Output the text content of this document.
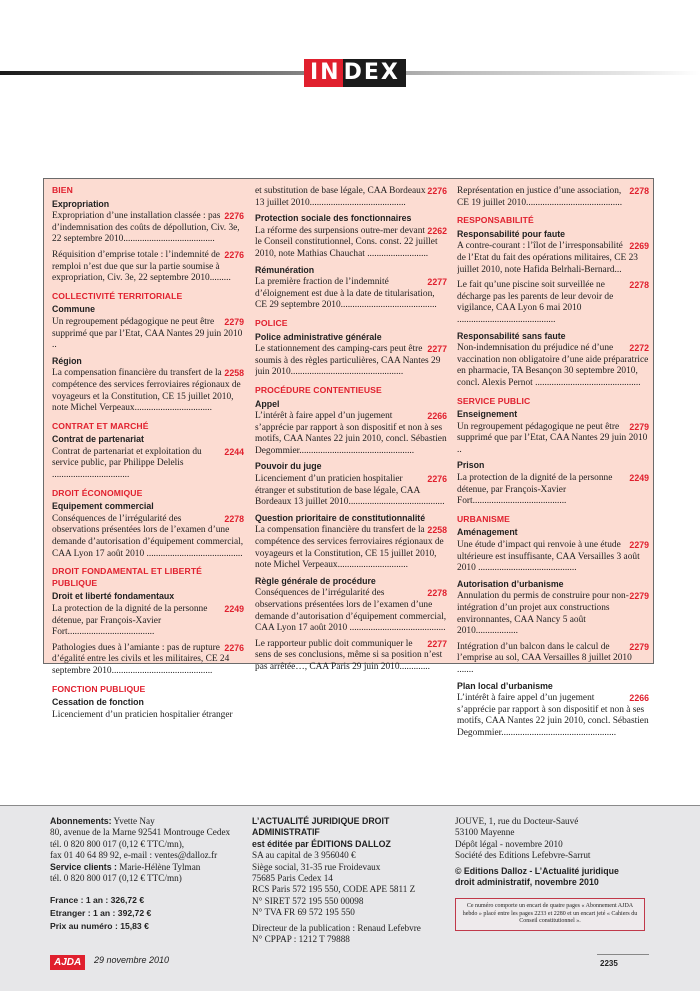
IN DEX
BIEN
Expropriation
2276
Expropriation d’une installation classée : pas d’indemnisation des coûts de dépollution, Civ. 3e, 22 septembre 2010.......................................
2276
Réquisition d’emprise totale : l’indemnité de remploi n’est due que sur la partie soumise à expropriation, Civ. 3e, 22 septembre 2010.........
COLLECTIVITÉ TERRITORIALE
Commune
2279
Un regroupement pédagogique ne peut être supprimé que par l’Etat, CAA Nantes 29 juin 2010 ..
Région
2258
La compensation financière du transfert de la compétence des services ferroviaires régionaux de voyageurs et la Constitution, CE 15 juillet 2010, note Michel Verpeaux.................................
CONTRAT ET MARCHÉ
Contrat de partenariat
2244
Contrat de partenariat et exploitation du service public, par Philippe Delelis .................................
DROIT ÉCONOMIQUE
Equipement commercial
2278
Conséquences de l’irrégularité des observations présentées lors de l’examen d’une demande d’autorisation d’équipement commercial, CAA Lyon 17 août 2010 .........................................
DROIT FONDAMENTAL ET LIBERTÉ PUBLIQUE
Droit et liberté fondamentaux
2249
La protection de la dignité de la personne détenue, par François-Xavier Fort.....................................
2276
Pathologies dues à l’amiante : pas de rupture d’égalité entre les civils et les militaires, CE 24 septembre 2010...........................................
FONCTION PUBLIQUE
Cessation de fonction
Licenciement d’un praticien hospitalier étranger
2276
et substitution de base légale, CAA Bordeaux 13 juillet 2010.........................................
Protection sociale des fonctionnaires
2262
La réforme des surpensions outre-mer devant le Conseil constitutionnel, Cons. const. 22 juillet 2010, note Mathias Chauchat ..........................
Rémunération
2277
La première fraction de l’indemnité d’éloignement est due à la date de titularisation, CE 29 septembre 2010.........................................
POLICE
Police administrative générale
2277
Le stationnement des camping-cars peut être soumis à des règles particulières, CAA Nantes 29 juin 2010................................................
PROCÉDURE CONTENTIEUSE
Appel
2266
L’intérêt à faire appel d’un jugement s’apprécie par rapport à son dispositif et non à ses motifs, CAA Nantes 22 juin 2010, concl. Sébastien Degommier.................................................
Pouvoir du juge
2276
Licenciement d’un praticien hospitalier étranger et substitution de base légale, CAA Bordeaux 13 juillet 2010.........................................
Question prioritaire de constitutionnalité
2258
La compensation financière du transfert de la compétence des services ferroviaires régionaux de voyageurs et la Constitution, CE 15 juillet 2010, note Michel Verpeaux..............................
Règle générale de procédure
2278
Conséquences de l’irrégularité des observations présentées lors de l’examen d’une demande d’autorisation d’équipement commercial, CAA Lyon 17 août 2010 .........................................
2277
Le rapporteur public doit communiquer le sens de ses conclusions, même si sa position n’est pas arrêtée…, CAA Paris 29 juin 2010.............
2278
Représentation en justice d’une association, CE 19 juillet 2010.........................................
RESPONSABILITÉ
Responsabilité pour faute
2269
A contre-courant : l’îlot de l’irresponsabilité de l’Etat du fait des opérations militaires, CE 23 juillet 2010, note Hafida Belrhali-Bernard...
2278
Le fait qu’une piscine soit surveillée ne décharge pas les parents de leur devoir de vigilance, CAA Lyon 6 mai 2010 ..........................................
Responsabilité sans faute
2272
Non-indemnisation du préjudice né d’une vaccination non obligatoire d’une aide préparatrice en pharmacie, TA Besançon 30 septembre 2010, concl. Alexis Pernot .............................................
SERVICE PUBLIC
Enseignement
2279
Un regroupement pédagogique ne peut être supprimé que par l’Etat, CAA Nantes 29 juin 2010 ..
Prison
2249
La protection de la dignité de la personne détenue, par François-Xavier Fort........................................
URBANISME
Aménagement
2279
Une étude d’impact qui renvoie à une étude ultérieure est insuffisante, CAA Versailles 3 août 2010 ..........................................
Autorisation d’urbanisme
2279
Annulation du permis de construire pour non-intégration d’un projet aux constructions environnantes, CAA Nancy 5 août 2010..................
2279
Intégration d’un balcon dans le calcul de l’emprise au sol, CAA Versailles 8 juillet 2010 .......
Plan local d’urbanisme
2266
L’intérêt à faire appel d’un jugement s’apprécie par rapport à son dispositif et non à ses motifs, CAA Nantes 22 juin 2010, concl. Sébastien Degommier.................................................
Abonnements: Yvette Nay
80, avenue de la Marne 92541 Montrouge Cedex
tél. 0 820 800 017 (0,12 € TTC/mn),
fax 01 40 64 89 92, e-mail : ventes@dalloz.fr
Service clients : Marie-Hélène Tylman
tél. 0 820 800 017 (0,12 € TTC/mn)
France : 1 an : 326,72 €
Etranger : 1 an : 392,72 €
Prix au numéro : 15,83 €
L’ACTUALITÉ JURIDIQUE DROIT ADMINISTRATIF
est éditée par ÉDITIONS DALLOZ
SA au capital de 3 956040 €
Siège social, 31-35 rue Froidevaux
75685 Paris Cedex 14
RCS Paris 572 195 550, CODE APE 5811 Z
N° SIRET 572 195 550 00098
N° TVA FR 69 572 195 550
Directeur de la publication : Renaud Lefebvre
N° CPPAP : 1212 T 79888
JOUVE, 1, rue du Docteur-Sauvé
53100 Mayenne
Dépôt légal - novembre 2010
Société des Editions Lefebvre-Sarrut
© Editions Dalloz - L’Actualité juridique
droit administratif, novembre 2010
Ce numéro comporte un encart de quatre pages « Abonnement AJDA hebdo » placé entre les pages 2233 et 2280 et un encart jeté « Cahiers du Conseil constitutionnel ».
AJDA	29 novembre 2010	2235
